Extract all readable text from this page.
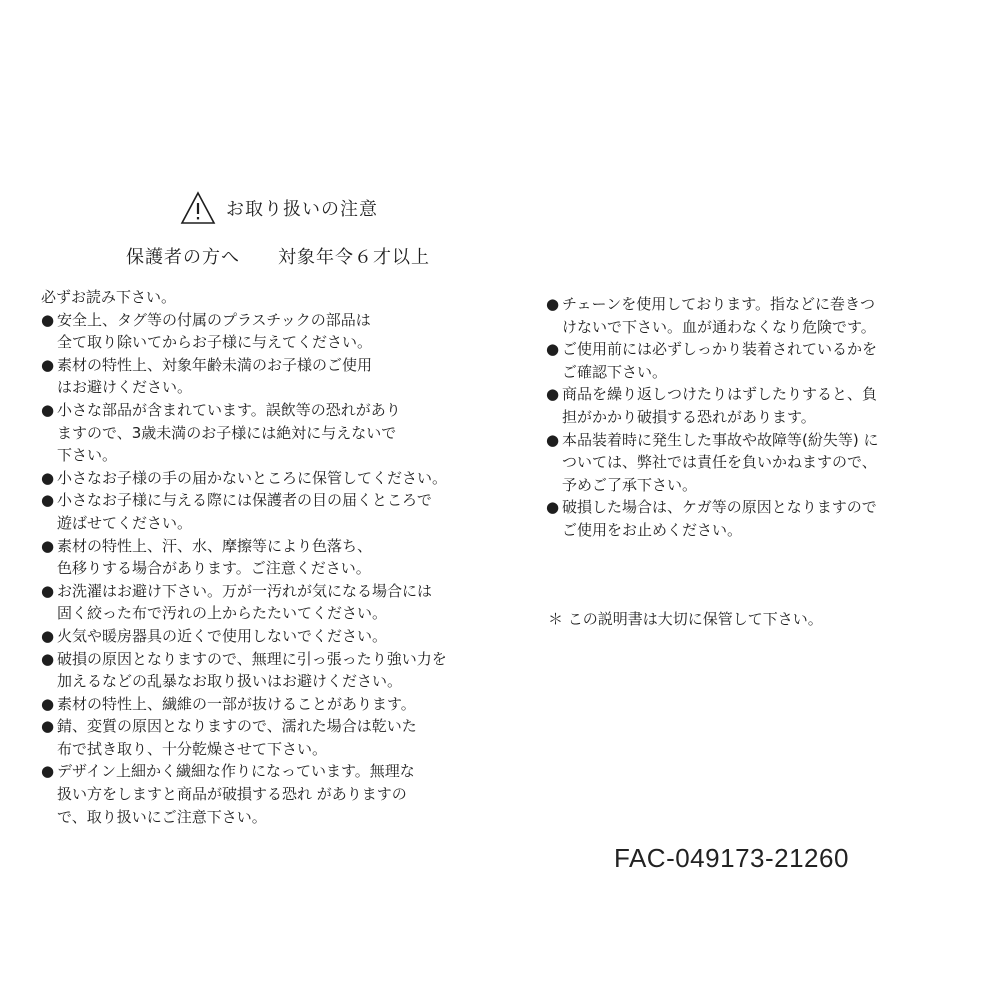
お取り扱いの注意
保護者の方へ 対象年令６才以上
必ずお読み下さい。
● 安全上、タグ等の付属のプラスチックの部品は
全て取り除いてからお子様に与えてください。
● 素材の特性上、対象年齢未満のお子様のご使用
はお避けください。
● 小さな部品が含まれています。誤飲等の恐れがあり
ますので、3歳未満のお子様には絶対に与えないで
下さい。
● 小さなお子様の手の届かないところに保管してください。
● 小さなお子様に与える際には保護者の目の届くところで
遊ばせてください。
● 素材の特性上、汗、水、摩擦等により色落ち、
色移りする場合があります。ご注意ください。
● お洗濯はお避け下さい。万が一汚れが気になる場合には
固く絞った布で汚れの上からたたいてください。
● 火気や暖房器具の近くで使用しないでください。
● 破損の原因となりますので、無理に引っ張ったり強い力を
加えるなどの乱暴なお取り扱いはお避けください。
● 素材の特性上、繊維の一部が抜けることがあります。
● 錆、変質の原因となりますので、濡れた場合は乾いた
布で拭き取り、十分乾燥させて下さい。
● デザイン上細かく繊細な作りになっています。無理な
扱い方をしますと商品が破損する恐れ がありますの
で、取り扱いにご注意下さい。
● チェーンを使用しております。指などに巻きつ
けないで下さい。血が通わなくなり危険です。
● ご使用前には必ずしっかり装着されているかを
ご確認下さい。
● 商品を繰り返しつけたりはずしたりすると、負
担がかかり破損する恐れがあります。
● 本品装着時に発生した事故や故障等(紛失等) に
ついては、弊社では責任を負いかねますので、
予めご了承下さい。
● 破損した場合は、ケガ等の原因となりますので
ご使用をお止めください。
＊ この説明書は大切に保管して下さい。
FAC-049173-21260
